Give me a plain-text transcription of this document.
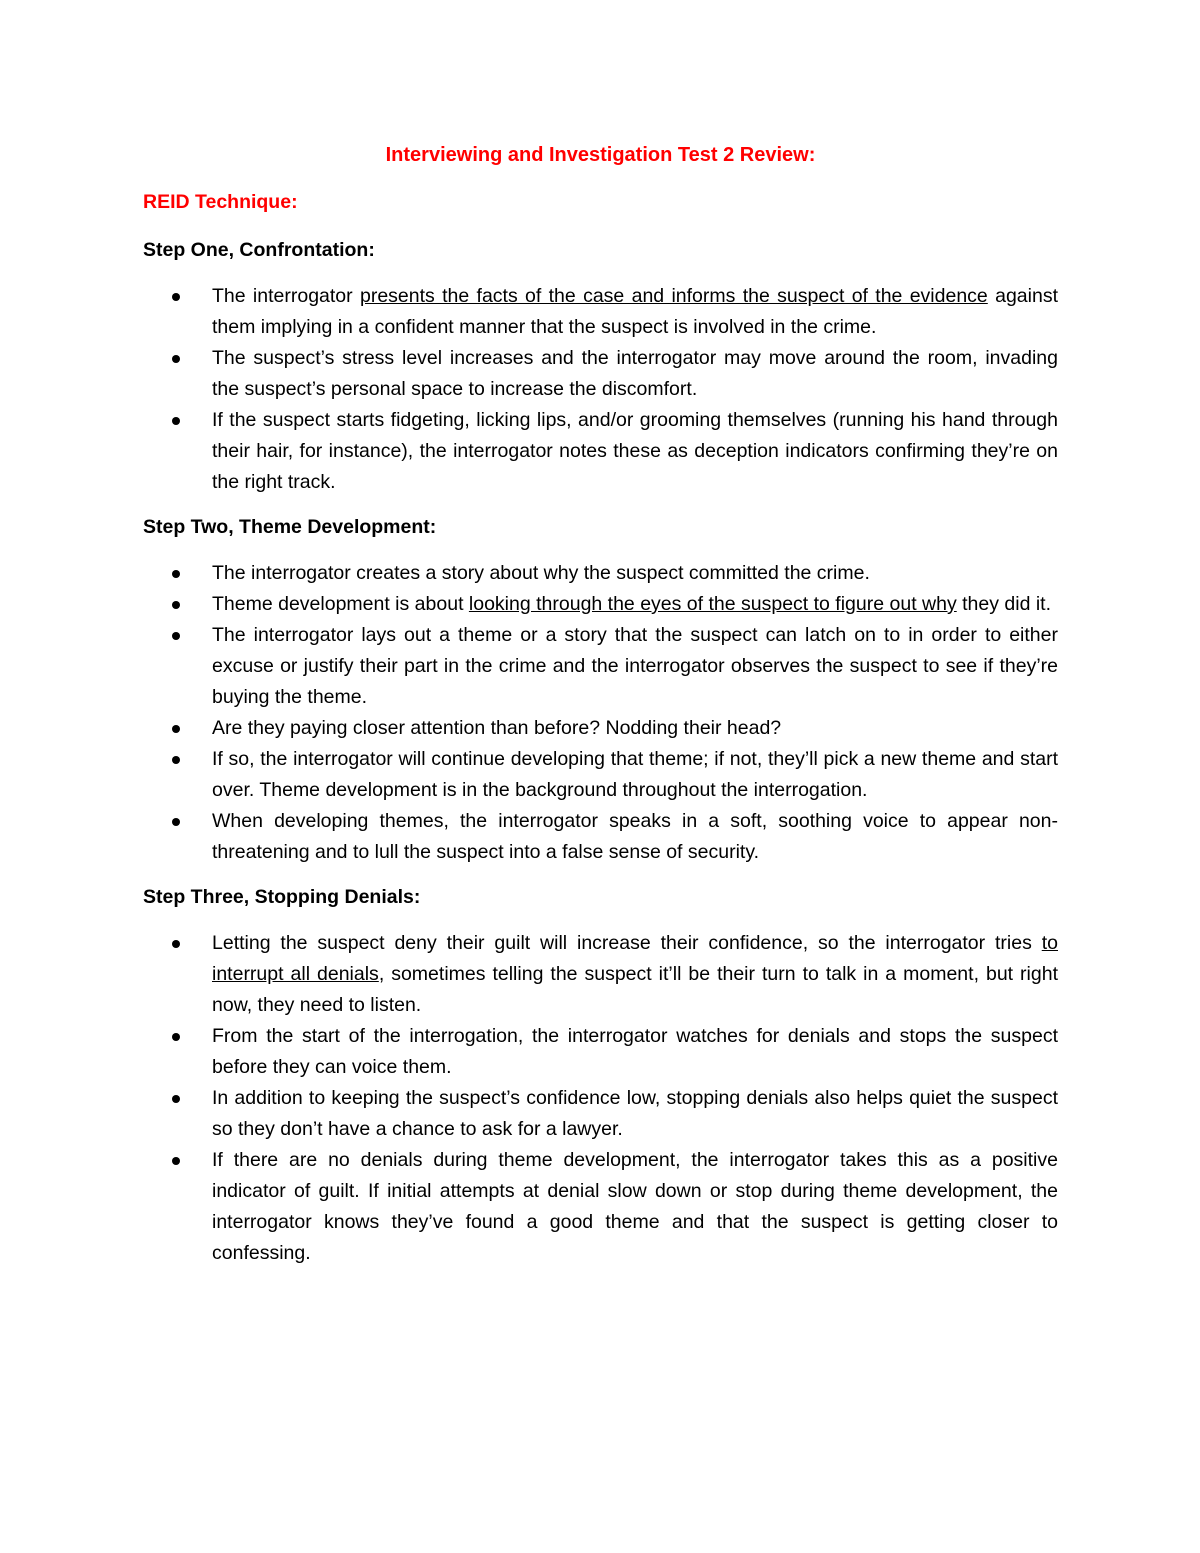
Interviewing and Investigation Test 2 Review:
REID Technique:
Step One, Confrontation:
The interrogator presents the facts of the case and informs the suspect of the evidence against them implying in a confident manner that the suspect is involved in the crime.
The suspect’s stress level increases and the interrogator may move around the room, invading the suspect’s personal space to increase the discomfort.
If the suspect starts fidgeting, licking lips, and/or grooming themselves (running his hand through their hair, for instance), the interrogator notes these as deception indicators confirming they’re on the right track.
Step Two, Theme Development:
The interrogator creates a story about why the suspect committed the crime.
Theme development is about looking through the eyes of the suspect to figure out why they did it.
The interrogator lays out a theme or a story that the suspect can latch on to in order to either excuse or justify their part in the crime and the interrogator observes the suspect to see if they’re buying the theme.
Are they paying closer attention than before? Nodding their head?
If so, the interrogator will continue developing that theme; if not, they’ll pick a new theme and start over. Theme development is in the background throughout the interrogation.
When developing themes, the interrogator speaks in a soft, soothing voice to appear non-threatening and to lull the suspect into a false sense of security.
Step Three, Stopping Denials:
Letting the suspect deny their guilt will increase their confidence, so the interrogator tries to interrupt all denials, sometimes telling the suspect it’ll be their turn to talk in a moment, but right now, they need to listen.
From the start of the interrogation, the interrogator watches for denials and stops the suspect before they can voice them.
In addition to keeping the suspect’s confidence low, stopping denials also helps quiet the suspect so they don’t have a chance to ask for a lawyer.
If there are no denials during theme development, the interrogator takes this as a positive indicator of guilt. If initial attempts at denial slow down or stop during theme development, the interrogator knows they’ve found a good theme and that the suspect is getting closer to confessing.
